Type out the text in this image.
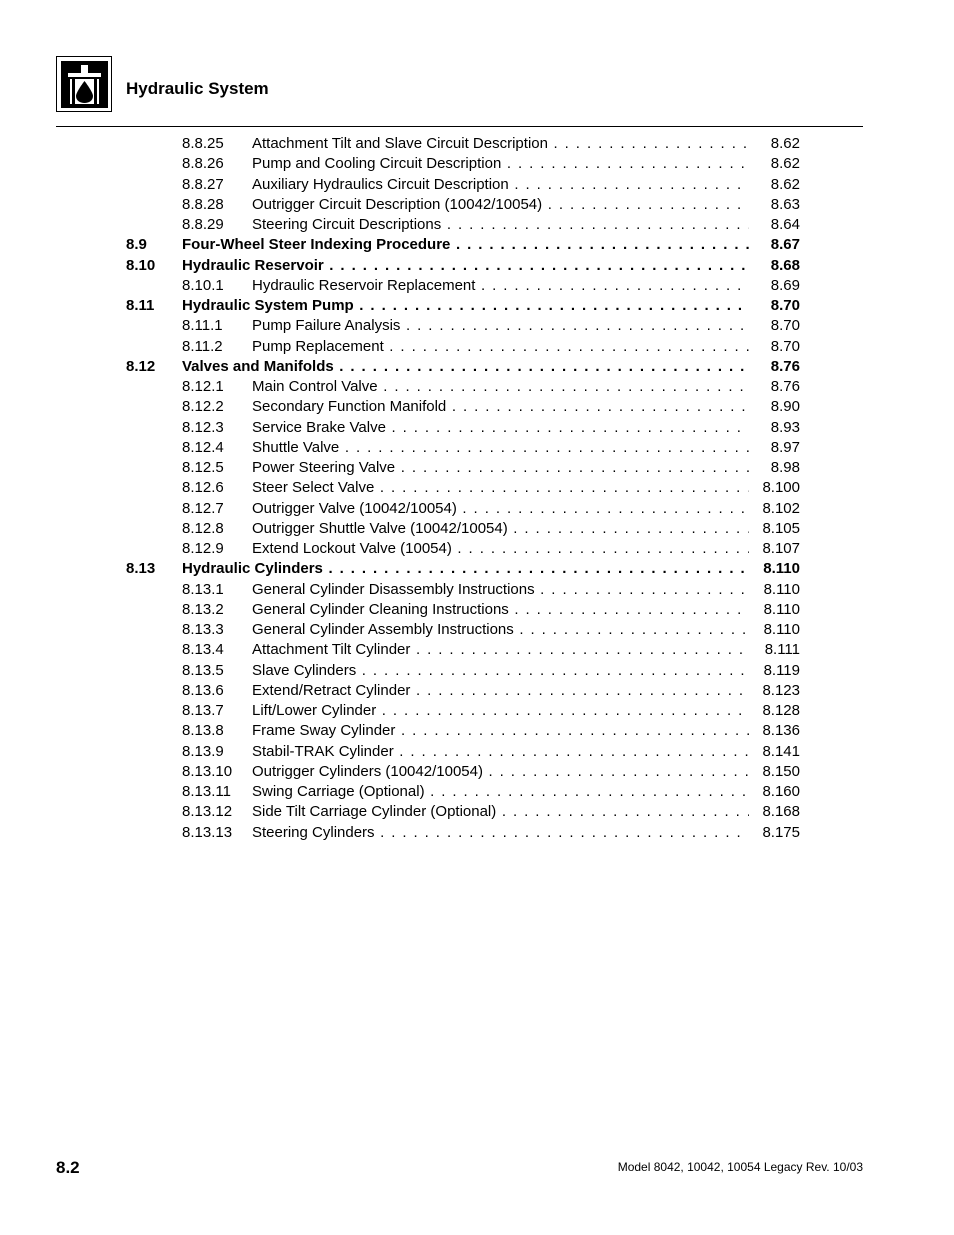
Hydraulic System
8.8.25 Attachment Tilt and Slave Circuit Description . . .	8.62
8.8.26 Pump and Cooling Circuit Description . . .	8.62
8.8.27 Auxiliary Hydraulics Circuit Description . . .	8.62
8.8.28 Outrigger Circuit Description (10042/10054) . . .	8.63
8.8.29 Steering Circuit Descriptions . . .	8.64
8.9 Four-Wheel Steer Indexing Procedure . . .	8.67
8.10 Hydraulic Reservoir . . .	8.68
8.10.1 Hydraulic Reservoir Replacement . . .	8.69
8.11 Hydraulic System Pump . . .	8.70
8.11.1 Pump Failure Analysis . . .	8.70
8.11.2 Pump Replacement . . .	8.70
8.12 Valves and Manifolds . . .	8.76
8.12.1 Main Control Valve . . .	8.76
8.12.2 Secondary Function Manifold . . .	8.90
8.12.3 Service Brake Valve . . .	8.93
8.12.4 Shuttle Valve . . .	8.97
8.12.5 Power Steering Valve . . .	8.98
8.12.6 Steer Select Valve . . .	8.100
8.12.7 Outrigger Valve (10042/10054) . . .	8.102
8.12.8 Outrigger Shuttle Valve (10042/10054) . . .	8.105
8.12.9 Extend Lockout Valve (10054) . . .	8.107
8.13 Hydraulic Cylinders . . .	8.110
8.13.1 General Cylinder Disassembly Instructions . . .	8.110
8.13.2 General Cylinder Cleaning Instructions . . .	8.110
8.13.3 General Cylinder Assembly Instructions . . .	8.110
8.13.4 Attachment Tilt Cylinder . . .	8.111
8.13.5 Slave Cylinders . . .	8.119
8.13.6 Extend/Retract Cylinder . . .	8.123
8.13.7 Lift/Lower Cylinder . . .	8.128
8.13.8 Frame Sway Cylinder . . .	8.136
8.13.9 Stabil-TRAK Cylinder . . .	8.141
8.13.10 Outrigger Cylinders (10042/10054) . . .	8.150
8.13.11 Swing Carriage (Optional) . . .	8.160
8.13.12 Side Tilt Carriage Cylinder (Optional) . . .	8.168
8.13.13 Steering Cylinders . . .	8.175
8.2	Model 8042, 10042, 10054 Legacy Rev. 10/03
